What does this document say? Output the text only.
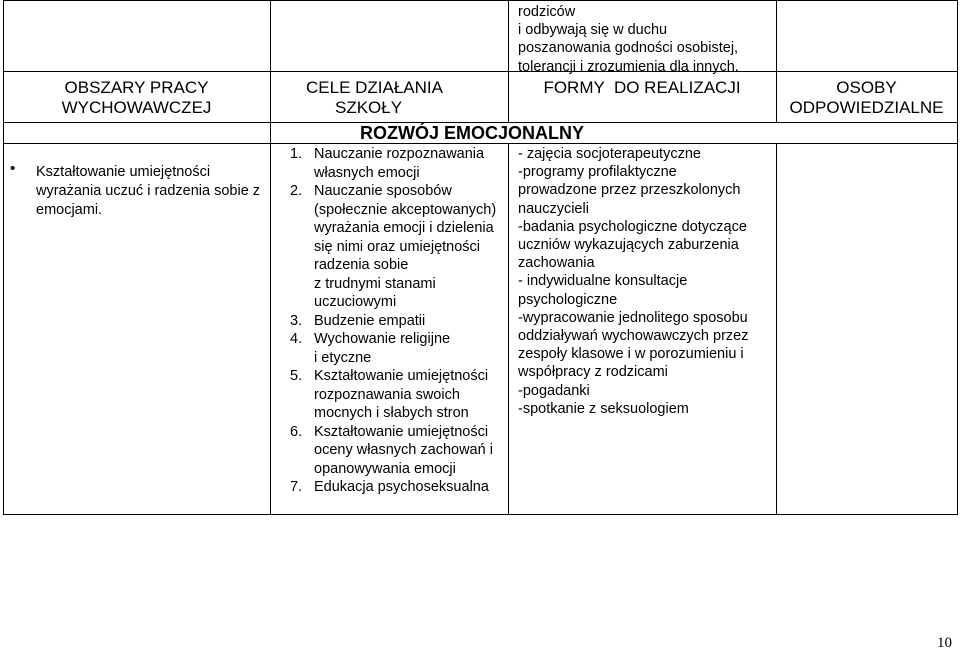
rodziców
i odbywają się w duchu
poszanowania godności osobistej,
tolerancji i zrozumienia dla innych.
OBSZARY PRACY
WYCHOWAWCZEJ
CELE DZIAŁANIA
SZKOŁY
FORMY  DO REALIZACJI	OSOBY
ODPOWIEDZIALNE
ROZWÓJ EMOCJONALNY
• Kształtowanie umiejętności
wyrażania uczuć i radzenia sobie z
emocjami.
1. Nauczanie rozpoznawania
własnych emocji
2. Nauczanie sposobów
(społecznie akceptowanych)
wyrażania emocji i dzielenia
się nimi oraz umiejętności
radzenia sobie
z trudnymi stanami
uczuciowymi
3. Budzenie empatii
4. Wychowanie religijne
i etyczne
5. Kształtowanie umiejętności
rozpoznawania swoich
mocnych i słabych stron
6. Kształtowanie umiejętności
oceny własnych zachowań i
opanowywania emocji
7. Edukacja psychoseksualna
- zajęcia socjoterapeutyczne
-programy profilaktyczne
prowadzone przez przeszkolonych
nauczycieli
-badania psychologiczne dotyczące
uczniów wykazujących zaburzenia
zachowania
- indywidualne konsultacje
psychologiczne
-wypracowanie jednolitego sposobu
oddziaływań wychowawczych przez
zespoły klasowe i w porozumieniu i
współpracy z rodzicami
-pogadanki
-spotkanie z seksuologiem
10
